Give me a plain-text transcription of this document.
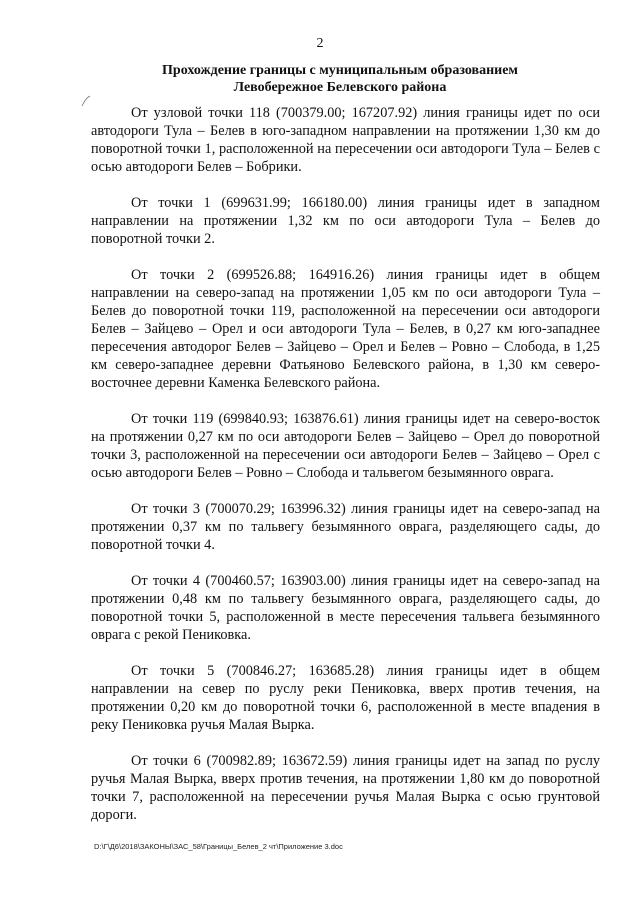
2
Прохождение границы с муниципальным образованием
Левобережное Белевского района

От узловой точки 118 (700379.00; 167207.92) линия границы идет по оси автодороги Тула – Белев в юго-западном направлении на протяжении 1,30 км до поворотной точки 1, расположенной на пересечении оси автодороги Тула – Белев с осью автодороги Белев – Бобрики.

От точки 1 (699631.99; 166180.00) линия границы идет в западном направлении на протяжении 1,32 км по оси автодороги Тула – Белев до поворотной точки 2.

От точки 2 (699526.88; 164916.26) линия границы идет в общем направлении на северо-запад на протяжении 1,05 км по оси автодороги Тула – Белев до поворотной точки 119, расположенной на пересечении оси автодороги Белев – Зайцево – Орел и оси автодороги Тула – Белев, в 0,27 км юго-западнее пересечения автодорог Белев – Зайцево – Орел и Белев – Ровно – Слобода, в 1,25 км северо-западнее деревни Фатьяново Белевского района, в 1,30 км северо-восточнее деревни Каменка Белевского района.

От точки 119 (699840.93; 163876.61) линия границы идет на северо-восток на протяжении 0,27 км по оси автодороги Белев – Зайцево – Орел до поворотной точки 3, расположенной на пересечении оси автодороги Белев – Зайцево – Орел с осью автодороги Белев – Ровно – Слобода и тальвегом безымянного оврага.

От точки 3 (700070.29; 163996.32) линия границы идет на северо-запад на протяжении 0,37 км по тальвегу безымянного оврага, разделяющего сады, до поворотной точки 4.

От точки 4 (700460.57; 163903.00) линия границы идет на северо-запад на протяжении 0,48 км по тальвегу безымянного оврага, разделяющего сады, до поворотной точки 5, расположенной в месте пересечения тальвега безымянного оврага с рекой Пениковка.

От точки 5 (700846.27; 163685.28) линия границы идет в общем направлении на север по руслу реки Пениковка, вверх против течения, на протяжении 0,20 км до поворотной точки 6, расположенной в месте впадения в реку Пениковка ручья Малая Вырка.

От точки 6 (700982.89; 163672.59) линия границы идет на запад по руслу ручья Малая Вырка, вверх против течения, на протяжении 1,80 км до поворотной точки 7, расположенной на пересечении ручья Малая Вырка с осью грунтовой дороги.

D:\Г\Д6\2018\ЗАКОНЫ\ЗАС_58\Границы_Белев_2 чт\Приложение 3.doc
